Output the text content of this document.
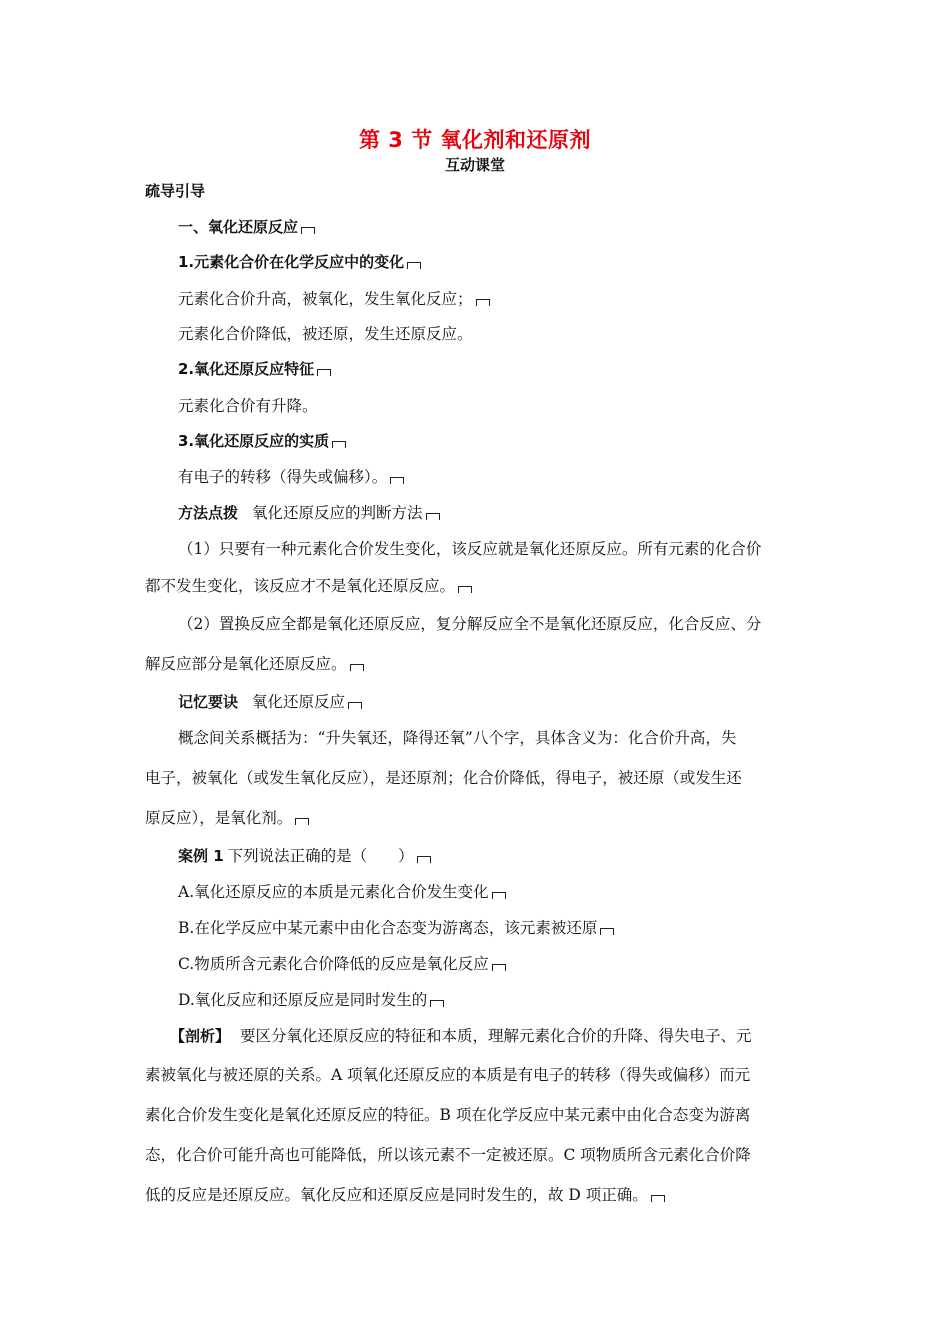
第 3 节 氧化剂和还原剂
互动课堂
疏导引导
一、氧化还原反应
1.元素化合价在化学反应中的变化
元素化合价升高，被氧化，发生氧化反应；
元素化合价降低，被还原，发生还原反应。
2.氧化还原反应特征
元素化合价有升降。
3.氧化还原反应的实质
有电子的转移（得失或偏移）。
方法点拨 氧化还原反应的判断方法
（1）只要有一种元素化合价发生变化，该反应就是氧化还原反应。所有元素的化合价
都不发生变化，该反应才不是氧化还原反应。
（2）置换反应全都是氧化还原反应，复分解反应全不是氧化还原反应，化合反应、分
解反应部分是氧化还原反应。
记忆要诀 氧化还原反应
概念间关系概括为：“升失氧还，降得还氧”八个字，具体含义为：化合价升高，失
电子，被氧化（或发生氧化反应），是还原剂；化合价降低，得电子，被还原（或发生还
原反应），是氧化剂。
案例 1 下列说法正确的是（　　）
A.氧化还原反应的本质是元素化合价发生变化
B.在化学反应中某元素中由化合态变为游离态，该元素被还原
C.物质所含元素化合价降低的反应是氧化反应
D.氧化反应和还原反应是同时发生的
【剖析】 要区分氧化还原反应的特征和本质，理解元素化合价的升降、得失电子、元
素被氧化与被还原的关系。A 项氧化还原反应的本质是有电子的转移（得失或偏移）而元
素化合价发生变化是氧化还原反应的特征。B 项在化学反应中某元素中由化合态变为游离
态，化合价可能升高也可能降低，所以该元素不一定被还原。C 项物质所含元素化合价降
低的反应是还原反应。氧化反应和还原反应是同时发生的，故 D 项正确。
